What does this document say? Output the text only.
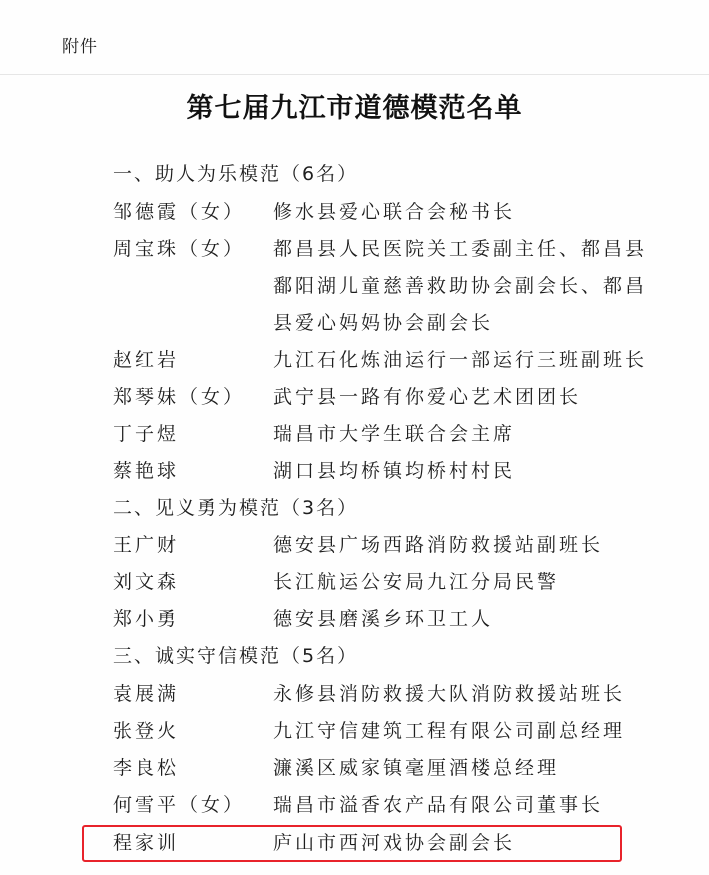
附件
第七届九江市道德模范名单
一、助人为乐模范（6名）
邹德霞（女） 修水县爱心联合会秘书长
周宝珠（女） 都昌县人民医院关工委副主任、都昌县
鄱阳湖儿童慈善救助协会副会长、都昌
县爱心妈妈协会副会长
赵红岩	九江石化炼油运行一部运行三班副班长
郑琴妹（女） 武宁县一路有你爱心艺术团团长
丁子煜	瑞昌市大学生联合会主席
蔡艳球	湖口县均桥镇均桥村村民
二、见义勇为模范（3名）
王广财	德安县广场西路消防救援站副班长
刘文森	长江航运公安局九江分局民警
郑小勇	德安县磨溪乡环卫工人
三、诚实守信模范（5名）
袁展满	永修县消防救援大队消防救援站班长
张登火	九江守信建筑工程有限公司副总经理
李良松	濂溪区威家镇毫厘酒楼总经理
何雪平（女） 瑞昌市溢香农产品有限公司董事长
程家训	庐山市西河戏协会副会长
